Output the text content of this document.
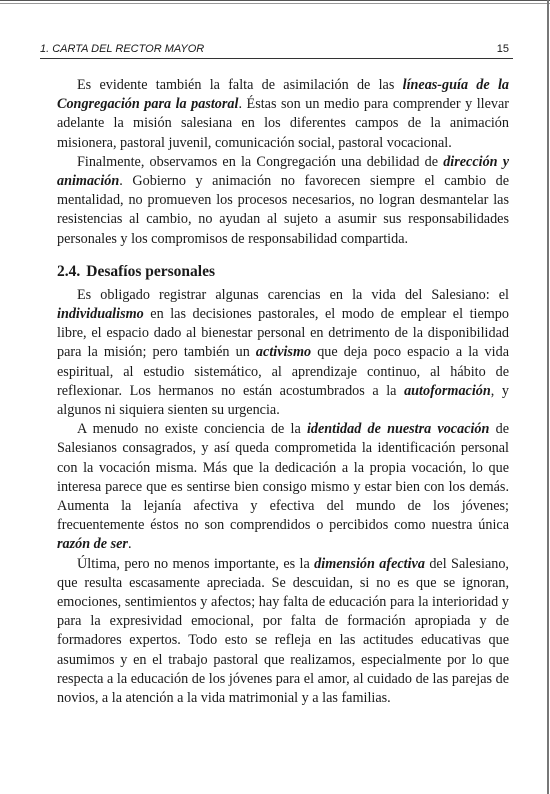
1. CARTA DEL RECTOR MAYOR	15

Es evidente también la falta de asimilación de las líneas-guía de la Congregación para la pastoral. Éstas son un medio para comprender y llevar adelante la misión salesiana en los diferentes campos de la animación misionera, pastoral juvenil, comunicación social, pastoral vocacional.

Finalmente, observamos en la Congregación una debilidad de dirección y animación. Gobierno y animación no favorecen siempre el cambio de mentalidad, no promueven los procesos necesarios, no logran desmantelar las resistencias al cambio, no ayudan al sujeto a asumir sus responsabilidades personales y los compromisos de responsabilidad compartida.

2.4. Desafíos personales

Es obligado registrar algunas carencias en la vida del Salesiano: el individualismo en las decisiones pastorales, el modo de emplear el tiempo libre, el espacio dado al bienestar personal en detrimento de la disponibilidad para la misión; pero también un activismo que deja poco espacio a la vida espiritual, al estudio sistemático, al aprendizaje continuo, al hábito de reflexionar. Los hermanos no están acostumbrados a la autoformación, y algunos ni siquiera sienten su urgencia.

A menudo no existe conciencia de la identidad de nuestra vocación de Salesianos consagrados, y así queda comprometida la identificación personal con la vocación misma. Más que la dedicación a la propia vocación, lo que interesa parece que es sentirse bien consigo mismo y estar bien con los demás. Aumenta la lejanía afectiva y efectiva del mundo de los jóvenes; frecuentemente éstos no son comprendidos o percibidos como nuestra única razón de ser.

Última, pero no menos importante, es la dimensión afectiva del Salesiano, que resulta escasamente apreciada. Se descuidan, si no es que se ignoran, emociones, sentimientos y afectos; hay falta de educación para la interioridad y para la expresividad emocional, por falta de formación apropiada y de formadores expertos. Todo esto se refleja en las actitudes educativas que asumimos y en el trabajo pastoral que realizamos, especialmente por lo que respecta a la educación de los jóvenes para el amor, al cuidado de las parejas de novios, a la atención a la vida matrimonial y a las familias.
